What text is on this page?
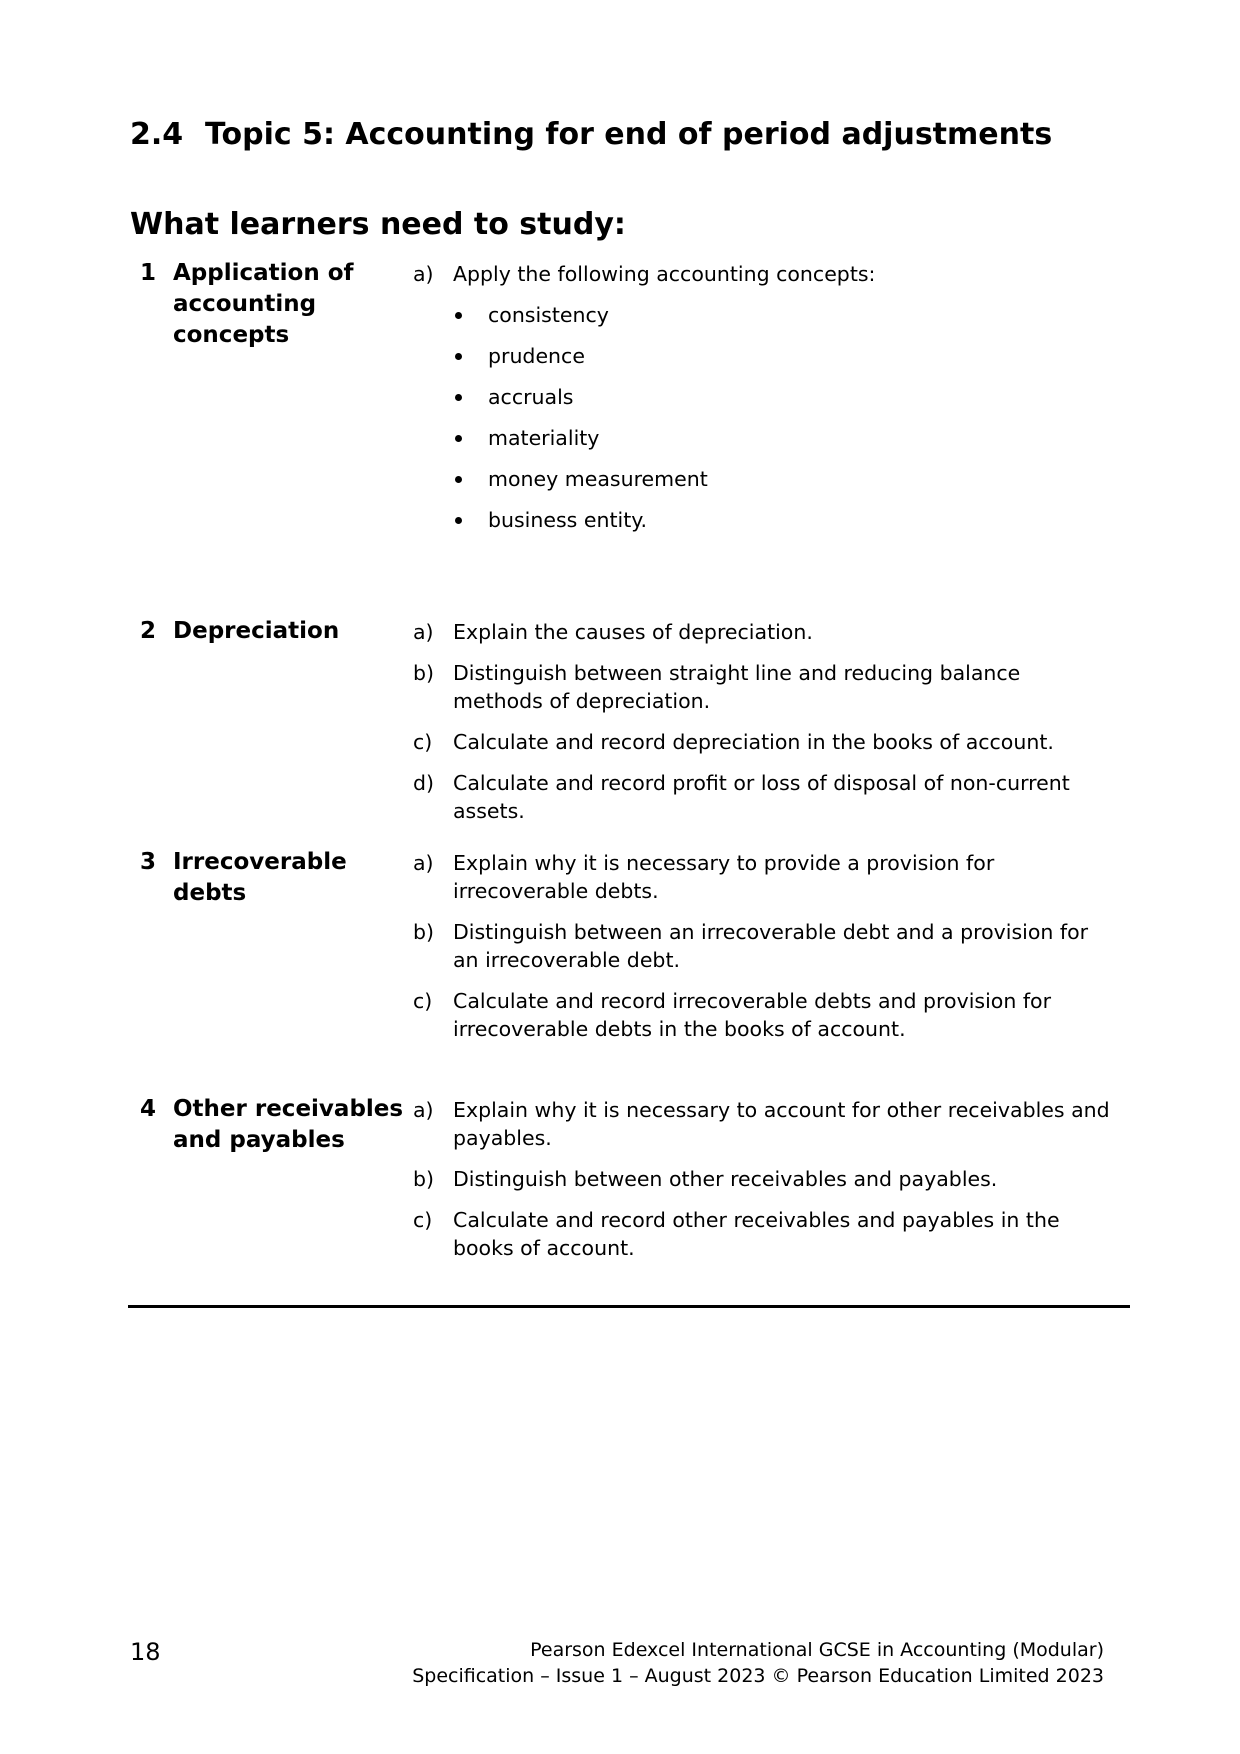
2.4 Topic 5: Accounting for end of period adjustments
What learners need to study:
1 Application of accounting concepts
a) Apply the following accounting concepts:
consistency
prudence
accruals
materiality
money measurement
business entity.
2 Depreciation	a) Explain the causes of depreciation.
b) Distinguish between straight line and reducing balance methods of depreciation.
c) Calculate and record depreciation in the books of account.
d) Calculate and record profit or loss of disposal of non-current assets.
3 Irrecoverable debts
a) Explain why it is necessary to provide a provision for irrecoverable debts.
b) Distinguish between an irrecoverable debt and a provision for an irrecoverable debt.
c) Calculate and record irrecoverable debts and provision for irrecoverable debts in the books of account.
4 Other receivables and payables
a) Explain why it is necessary to account for other receivables and payables.
b) Distinguish between other receivables and payables.
c) Calculate and record other receivables and payables in the books of account.
18	Pearson Edexcel International GCSE in Accounting (Modular)
Specification – Issue 1 – August 2023 © Pearson Education Limited 2023
